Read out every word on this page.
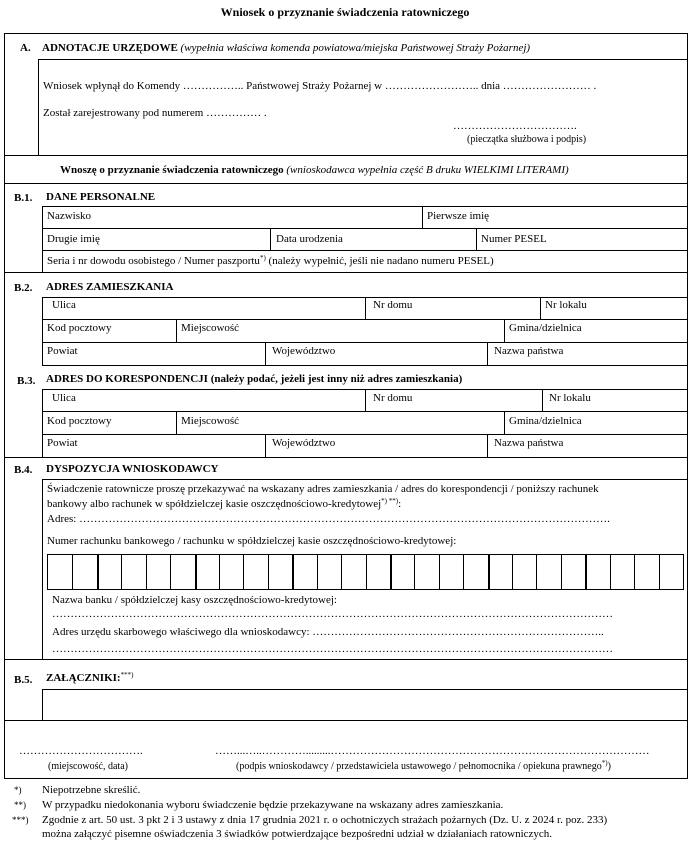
Wniosek o przyznanie świadczenia ratowniczego
A. ADNOTACJE URZĘDOWE (wypełnia właściwa komenda powiatowa/miejska Państwowej Straży Pożarnej)
Wniosek wpłynął do Komendy …………….. Państwowej Straży Pożarnej w …………………….. dnia …………………… .
Został zarejestrowany pod numerem …………… .
…………………………….
(pieczątka służbowa i podpis)
Wnoszę o przyznanie świadczenia ratowniczego (wnioskodawca wypełnia część B druku WIELKIMI LITERAMI)
B.1. DANE PERSONALNE
Nazwisko	Pierwsze imię
Drugie imię	Data urodzenia	Numer PESEL
Seria i nr dowodu osobistego / Numer paszportu*) (należy wypełnić, jeśli nie nadano numeru PESEL)
B.2. ADRES ZAMIESZKANIA
Ulica	Nr domu	Nr lokalu
Kod pocztowy	Miejscowość	Gmina/dzielnica
Powiat	Województwo	Nazwa państwa
B.3. ADRES DO KORESPONDENCJI (należy podać, jeżeli jest inny niż adres zamieszkania)
Ulica	Nr domu	Nr lokalu
Kod pocztowy	Miejscowość	Gmina/dzielnica
Powiat	Województwo	Nazwa państwa
B.4. DYSPOZYCJA WNIOSKODAWCY
Świadczenie ratownicze proszę przekazywać na wskazany adres zamieszkania / adres do korespondencji / poniższy rachunek
bankowy albo rachunek w spółdzielczej kasie oszczędnościowo-kredytowej*) **):
Adres: ……………………………………………………………………………………………………………………………….
Numer rachunku bankowego / rachunku w spółdzielczej kasie oszczędnościowo-kredytowej:
Nazwa banku / spółdzielczej kasy oszczędnościowo-kredytowej:
………………………………………………………………………………………………………………………………………
Adres urzędu skarbowego właściwego dla wnioskodawcy: ……………………………………………………………………..
………………………………………………………………………………………………………………………………………
B.5. ZAŁĄCZNIKI:***)
…………………………….
(miejscowość, data)
……...…..………….........……………………………………………………………………………
(podpis wnioskodawcy / przedstawiciela ustawowego / pełnomocnika / opiekuna prawnego*))
*) Niepotrzebne skreślić.
**) W przypadku niedokonania wyboru świadczenie będzie przekazywane na wskazany adres zamieszkania.
***) Zgodnie z art. 50 ust. 3 pkt 2 i 3 ustawy z dnia 17 grudnia 2021 r. o ochotniczych strażach pożarnych (Dz. U. z 2024 r. poz. 233)
można załączyć pisemne oświadczenia 3 świadków potwierdzające bezpośredni udział w działaniach ratowniczych.
